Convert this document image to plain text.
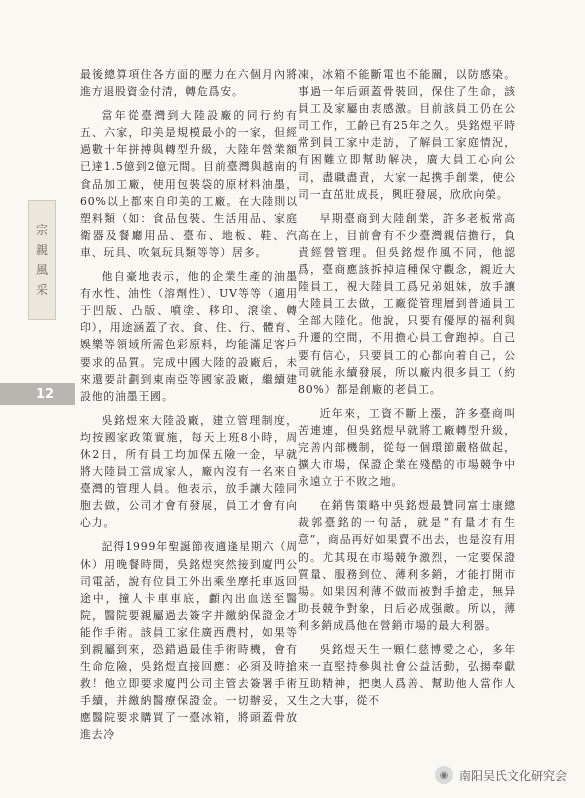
宗
親
風
采
12

最後總算項住各方面的壓力在六個月內將進方退股資金付清，轉危爲安。

當年從臺灣到大陸設廠的同行約有五、六家，印美是規模最小的一家，但經過數十年拼搏與轉型升級，大陸年營業額已達1.5億到2億元間。目前臺灣與越南的食品加工廠，使用包裝袋的原材料油墨，60%以上都來自印美的工廠。在大陸則以塑料類（如：食品包裝、生活用品、家庭衛器及餐廳用品、臺布、地板、鞋、汽車、玩具、吹氣玩具類等等）居多。

他自豪地表示，他的企業生產的油墨有水性、油性（溶劑性）、UV等等（適用于凹版、凸版、噴塗、移印、滾塗、轉印），用途涵蓋了衣、食、住、行、體育、娛樂等領域所需色彩原料，均能滿足客戶要求的品質。完成中國大陸的設廠后，未來還要計劃到東南亞等國家設廠，繼續建設他的油墨王國。

吳銘煜來大陸設廠，建立管理制度，均按國家政策實施，每天上班8小時，周休2日，所有員工均加保五險一金，早就將大陸員工當成家人，廠內沒有一名來自臺灣的管理人員。他表示，放手讓大陸同胞去做，公司才會有發展，員工才會有向心力。

記得1999年聖誕節夜適逢星期六（周休）用晚餐時間，吳銘煜突然接到廈門公司電話，說有位員工外出乘坐摩托車返回途中，撞人卡車車底，顱內出血送至醫院，醫院要親屬過去簽字并繳納保證金才能作手術。該員工家住廣西農村，如果等到親屬到來，恐錯過最佳手術時機，會有生命危險，吳銘煜直接回應：必須及時搶救！他立即要求廈門公司主管去簽署手術手續，并繳納醫療保證金。一切辦妥，又應醫院要求購買了一臺冰箱，將頭蓋骨放進去冷

凍，冰箱不能斷電也不能關，以防感染。事過一年后頭蓋骨裝回，保住了生命，該員工及家屬由衷感激。目前該員工仍在公司工作，工齡已有25年之久。吳銘煜平時常到員工家中走訪，了解員工家庭情況，有困難立即幫助解决，廣大員工心向公司，盡職盡責，大家一起携手創業，使公司一直茁壯成長，興旺發展，欣欣向榮。

早期臺商到大陸創業，許多老板常高高在上，目前會有不少臺灣親信擔行，負責經營管理。但吳銘煜作風不同，他認爲，臺商應該拆掉這種保守觀念，親近大陸員工，視大陸員工爲兄弟姐妹，放手讓大陸員工去做，工廠從管理層到普通員工全部大陸化。他說，只要有優厚的福利與升遷的空間，不用擔心員工會跑掉。自己要有信心，只要員工的心都向着自己，公司就能永續發展，所以廠内很多員工（約80%）都是創廠的老員工。

近年來，工資不斷上漲，許多臺商叫苦連連，但吳銘煜早就將工廠轉型升級，完善内部機制，從每一個環節嚴格做起，擴大市場，保證企業在殘酷的市場競争中永遠立于不敗之地。

在銷售策略中吳銘煜最贊同富士康總裁郭臺銘的一句話，就是“有量才有生意”，商品再好如果賣不出去，也是沒有用的。尤其現在市場競争激烈，一定要保證質量、服務到位、薄利多銷，才能打開市場。如果因利薄不做而被對手搶走，無异助長競争對象，日后必成强敵。所以，薄利多銷成爲他在營銷市場的最大利器。

吳銘煜天生一顆仁慈博愛之心，多年來一直堅持參與社會公益活動，弘揚奉獻互助精神，把奥人爲善、幫助他人當作人生之大事，從不

◉ 南阳吴氏文化研究会
